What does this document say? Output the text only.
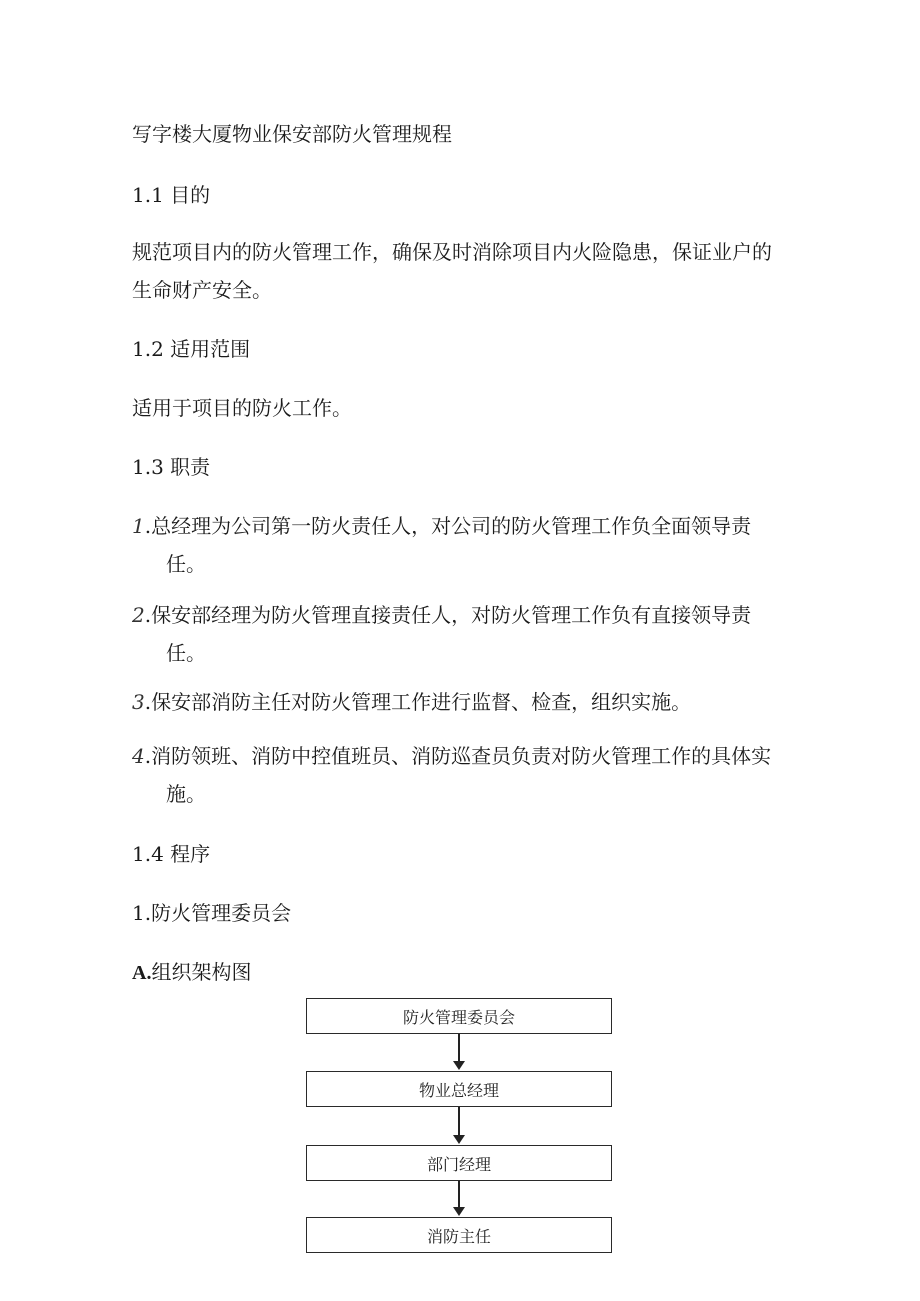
写字楼大厦物业保安部防火管理规程
1.1 目的
规范项目内的防火管理工作，确保及时消除项目内火险隐患，保证业户的
生命财产安全。
1.2 适用范围
适用于项目的防火工作。
1.3 职责
1.总经理为公司第一防火责任人，对公司的防火管理工作负全面领导责
任。
2.保安部经理为防火管理直接责任人，对防火管理工作负有直接领导责
任。
3.保安部消防主任对防火管理工作进行监督、检查，组织实施。
4.消防领班、消防中控值班员、消防巡查员负责对防火管理工作的具体实
施。
1.4 程序
1.防火管理委员会
A.组织架构图
防火管理委员会
物业总经理
部门经理
消防主任
